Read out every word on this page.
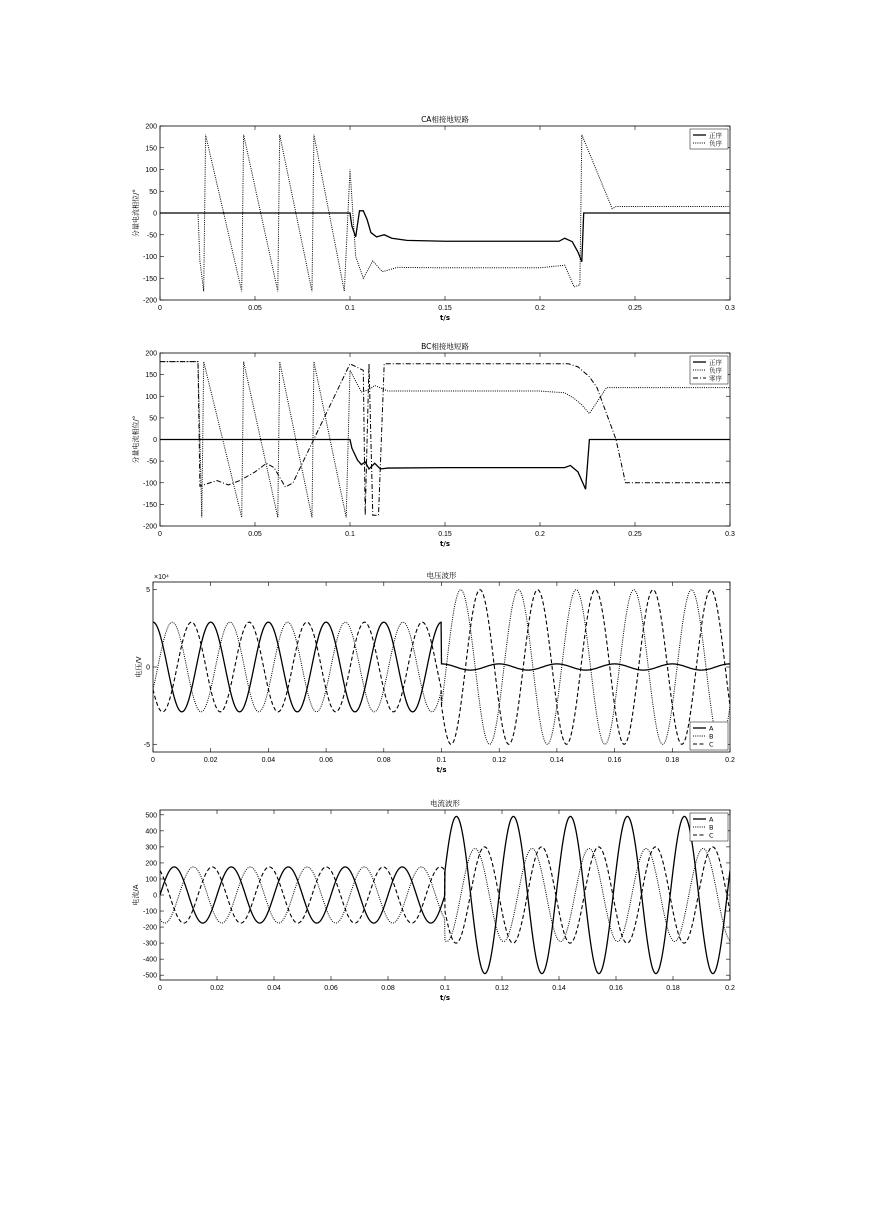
CA相接地短路
0	0.05	0.1	0.15	0.2	0.25	0.3
-200
-150
-100
-50
0
50
100
150
200
t/s
分量电流相位/°
正序
负序
BC相接地短路
0	0.05	0.1	0.15	0.2	0.25	0.3
-200
-150
-100
-50
0
50
100
150
200
t/s
分量电流相位/°
正序
负序
零序
电压波形
0	0.02	0.04	0.06	0.08	0.1	0.12	0.14	0.16	0.18	0.2
-5
0
5
t/s
电压/V
×10⁴
A
B
C
电流波形
0	0.02	0.04	0.06	0.08	0.1	0.12	0.14	0.16	0.18	0.2
-500
-400
-300
-200
-100
0
100
200
300
400
500
t/s
电流/A
A
B
C
